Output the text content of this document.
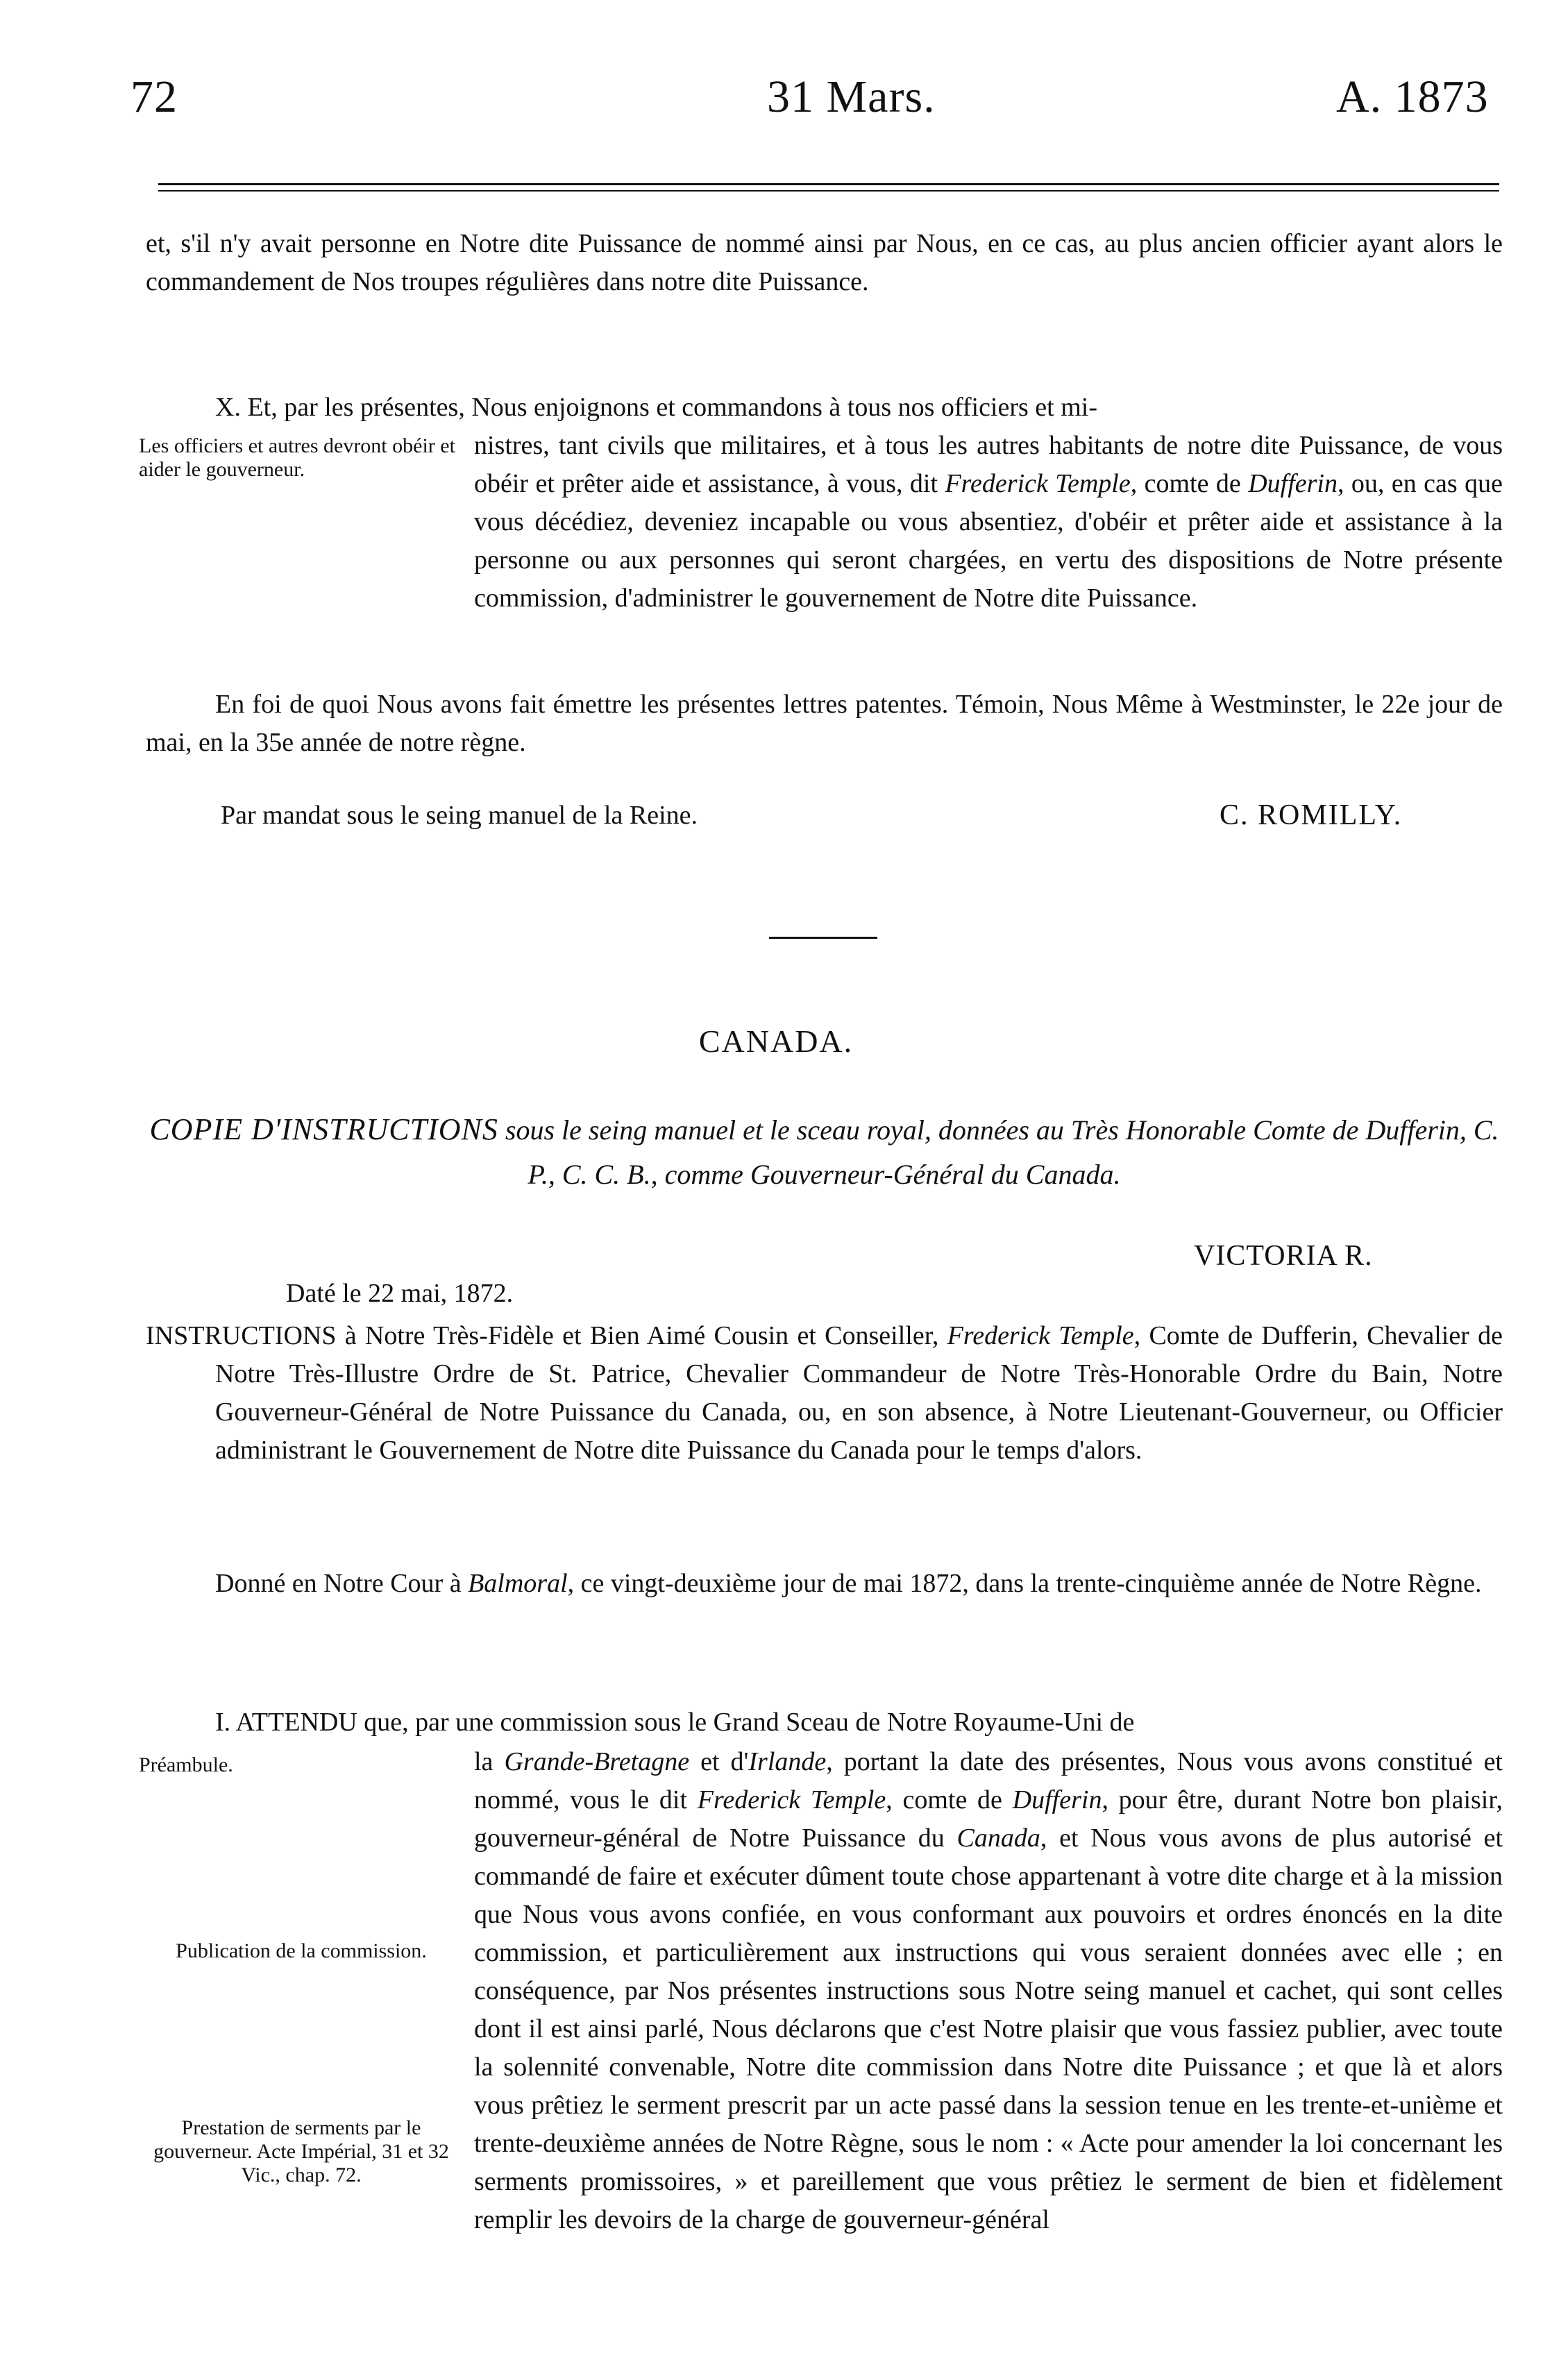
72	31 Mars.	A. 1873

et, s'il n'y avait personne en Notre dite Puissance de nommé ainsi par Nous, en ce cas, au plus ancien officier ayant alors le commandement de Nos troupes régulières dans notre dite Puissance.

X. Et, par les présentes, Nous enjoignons et commandons à tous nos officiers et mi-

Les officiers et autres devront obéir et aider le gouverneur.

nistres, tant civils que militaires, et à tous les autres habitants de notre dite Puissance, de vous obéir et prêter aide et assistance, à vous, dit Frederick Temple, comte de Dufferin, ou, en cas que vous décédiez, deveniez incapable ou vous absentiez, d'obéir et prêter aide et assistance à la personne ou aux personnes qui seront chargées, en vertu des dispositions de Notre présente commission, d'administrer le gouvernement de Notre dite Puissance.

En foi de quoi Nous avons fait émettre les présentes lettres patentes. Témoin, Nous Même à Westminster, le 22e jour de mai, en la 35e année de notre règne.

Par mandat sous le seing manuel de la Reine.	C. ROMILLY.
CANADA.
COPIE D'INSTRUCTIONS sous le seing manuel et le sceau royal, données au Très Honorable Comte de Dufferin, C. P., C. C. B., comme Gouverneur-Général du Canada.
VICTORIA R.
Daté le 22 mai, 1872.

INSTRUCTIONS à Notre Très-Fidèle et Bien Aimé Cousin et Conseiller, Frederick Temple, Comte de Dufferin, Chevalier de Notre Très-Illustre Ordre de St. Patrice, Chevalier Commandeur de Notre Très-Honorable Ordre du Bain, Notre Gouverneur-Général de Notre Puissance du Canada, ou, en son absence, à Notre Lieutenant-Gouverneur, ou Officier administrant le Gouvernement de Notre dite Puissance du Canada pour le temps d'alors.

Donné en Notre Cour à Balmoral, ce vingt-deuxième jour de mai 1872, dans la trente-cinquième année de Notre Règne.

I. ATTENDU que, par une commission sous le Grand Sceau de Notre Royaume-Uni de
Préambule.
Publication de la commission.
Prestation de serments par le gouverneur. Acte Impérial, 31 et 32 Vic., chap. 72.

la Grande-Bretagne et d'Irlande, portant la date des présentes, Nous vous avons constitué et nommé, vous le dit Frederick Temple, comte de Dufferin, pour être, durant Notre bon plaisir, gouverneur-général de Notre Puissance du Canada, et Nous vous avons de plus autorisé et commandé de faire et exécuter dûment toute chose appartenant à votre dite charge et à la mission que Nous vous avons confiée, en vous conformant aux pouvoirs et ordres énoncés en la dite commission, et particulièrement aux instructions qui vous seraient données avec elle ; en conséquence, par Nos présentes instructions sous Notre seing manuel et cachet, qui sont celles dont il est ainsi parlé, Nous déclarons que c'est Notre plaisir que vous fassiez publier, avec toute la solennité convenable, Notre dite commission dans Notre dite Puissance ; et que là et alors vous prêtiez le serment prescrit par un acte passé dans la session tenue en les trente-et-unième et trente-deuxième années de Notre Règne, sous le nom : « Acte pour amender la loi concernant les serments promissoires, » et pareillement que vous prêtiez le serment de bien et fidèlement remplir les devoirs de la charge de gouverneur-général
